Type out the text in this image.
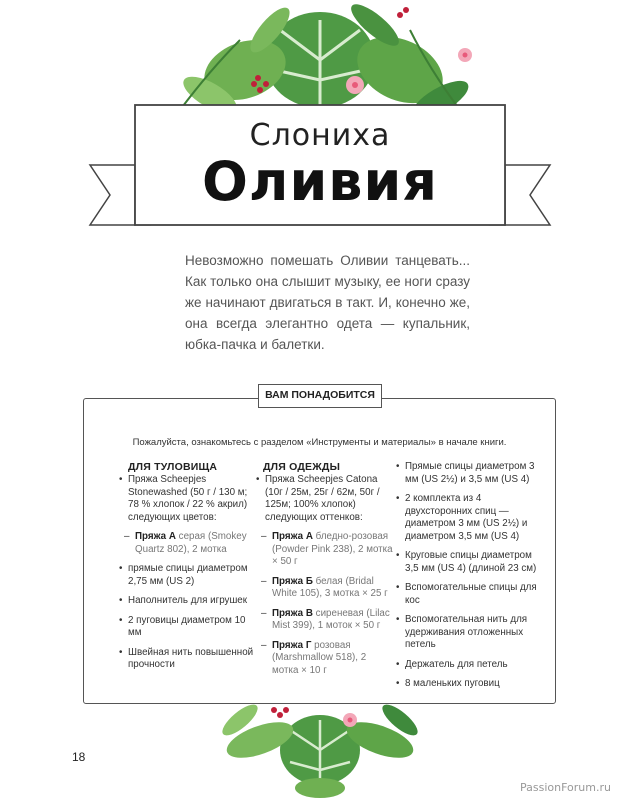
Слониха
Оливия
Невозможно помешать Оливии танцевать... Как только она слышит музыку, ее ноги сразу же начинают двигаться в такт. И, конечно же, она всегда элегантно одета — купальник, юбка-пачка и балетки.
ВАМ ПОНАДОБИТСЯ
Пожалуйста, ознакомьтесь с разделом «Инструменты и материалы» в начале книги.
ДЛЯ ТУЛОВИЩА	ДЛЯ ОДЕЖДЫ
• Пряжа Scheepjes Stonewashed (50 г / 130 м; 78 % хлопок / 22 % акрил) следующих цветов:
– Пряжа А серая (Smokey Quartz 802), 2 мотка
• прямые спицы диаметром 2,75 мм (US 2)
• Наполнитель для игрушек
• 2 пуговицы диаметром 10 мм
• Швейная нить повышенной прочности
• Пряжа Scheepjes Catona (10г / 25м, 25г / 62м, 50г / 125м; 100% хлопок) следующих оттенков:
– Пряжа А бледно-розовая (Powder Pink 238), 2 мотка × 50 г
– Пряжа Б белая (Bridal White 105), 3 мотка × 25 г
– Пряжа В сиреневая (Lilac Mist 399), 1 моток × 50 г
– Пряжа Г розовая (Marshmallow 518), 2 мотка × 10 г
• Прямые спицы диаметром 3 мм (US 2½) и 3,5 мм (US 4)
• 2 комплекта из 4 двухсторонних спиц — диаметром 3 мм (US 2½) и диаметром 3,5 мм (US 4)
• Круговые спицы диаметром 3,5 мм (US 4) (длиной 23 см)
• Вспомогательные спицы для кос
• Вспомогательная нить для удерживания отложенных петель
• Держатель для петель
• 8 маленьких пуговиц
18
PassionForum.ru
